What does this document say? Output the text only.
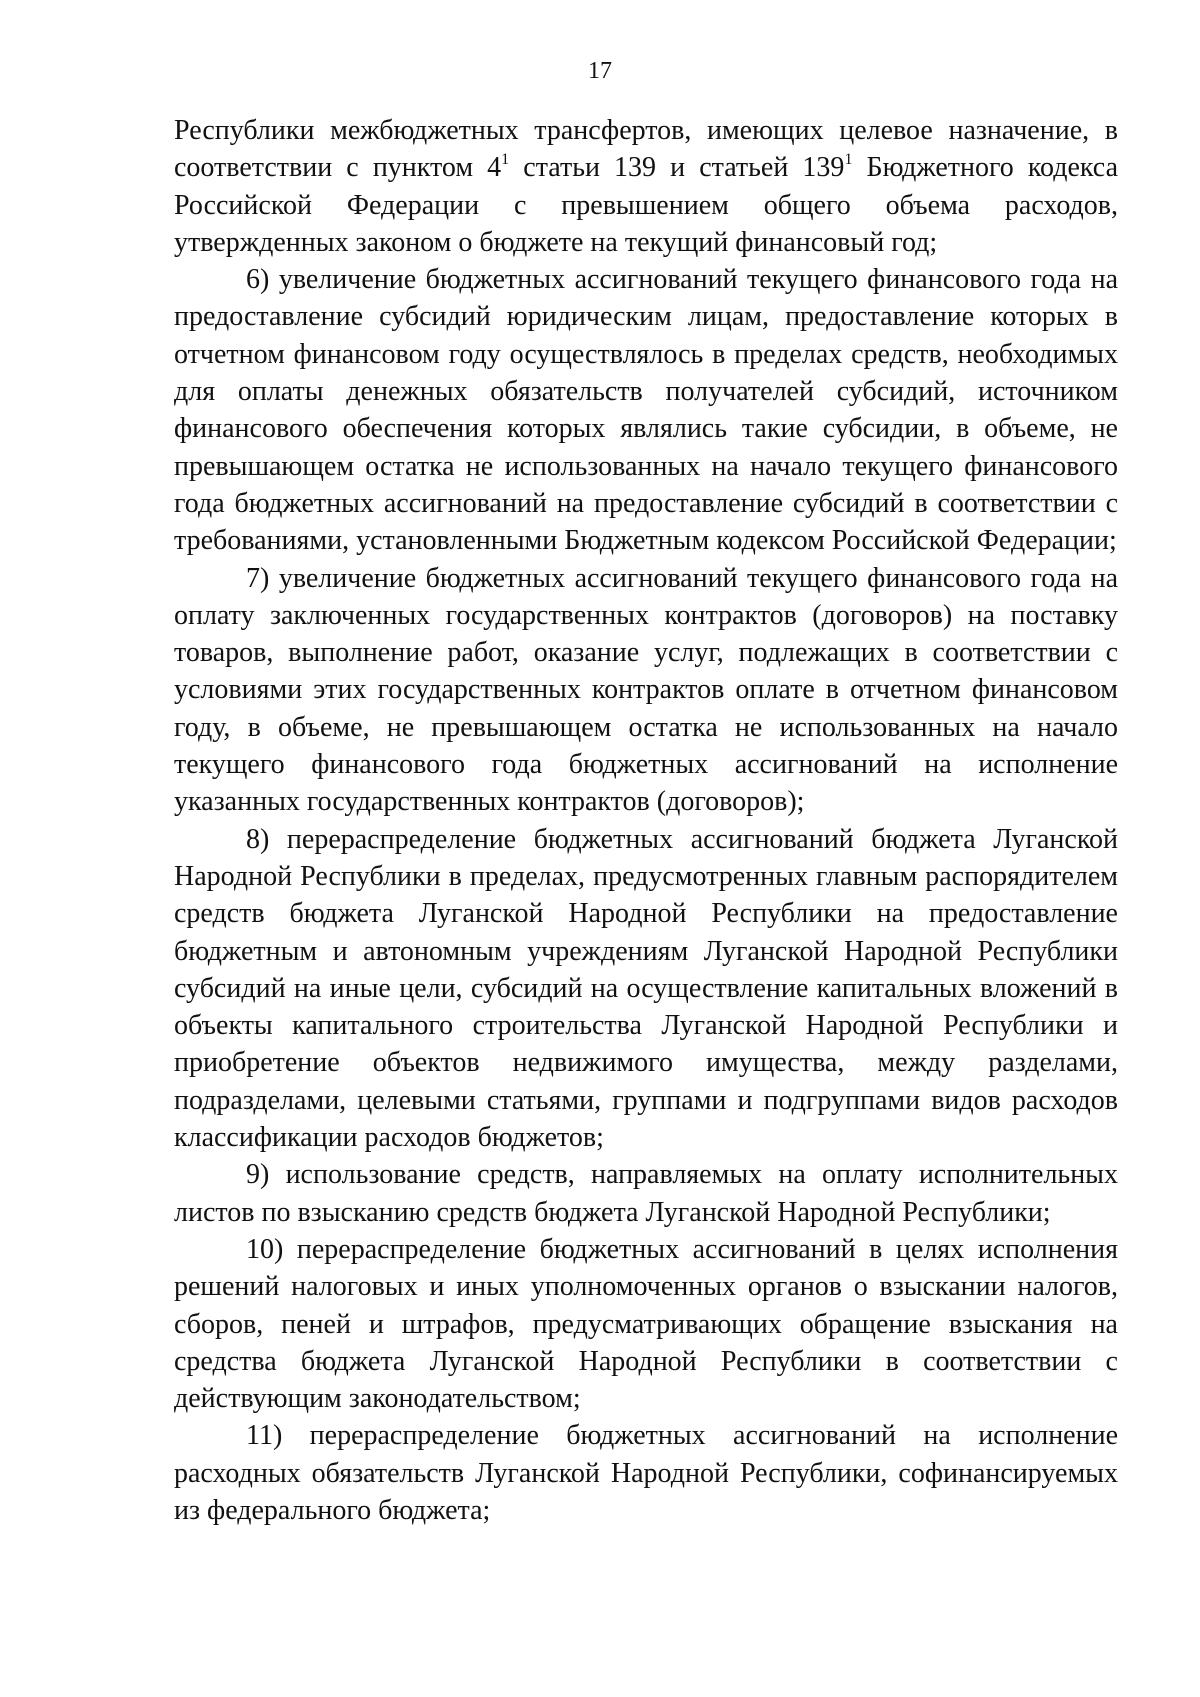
17

Республики межбюджетных трансфертов, имеющих целевое назначение, в соответствии с пунктом $4^1$ статьи 139 и статьей $139^1$ Бюджетного кодекса Российской Федерации с превышением общего объема расходов, утвержденных законом о бюджете на текущий финансовый год;

6) увеличение бюджетных ассигнований текущего финансового года на предоставление субсидий юридическим лицам, предоставление которых в отчетном финансовом году осуществлялось в пределах средств, необходимых для оплаты денежных обязательств получателей субсидий, источником финансового обеспечения которых являлись такие субсидии, в объеме, не превышающем остатка не использованных на начало текущего финансового года бюджетных ассигнований на предоставление субсидий в соответствии с требованиями, установленными Бюджетным кодексом Российской Федерации;

7) увеличение бюджетных ассигнований текущего финансового года на оплату заключенных государственных контрактов (договоров) на поставку товаров, выполнение работ, оказание услуг, подлежащих в соответствии с условиями этих государственных контрактов оплате в отчетном финансовом году, в объеме, не превышающем остатка не использованных на начало текущего финансового года бюджетных ассигнований на исполнение указанных государственных контрактов (договоров);

8) перераспределение бюджетных ассигнований бюджета Луганской Народной Республики в пределах, предусмотренных главным распорядителем средств бюджета Луганской Народной Республики на предоставление бюджетным и автономным учреждениям Луганской Народной Республики субсидий на иные цели, субсидий на осуществление капитальных вложений в объекты капитального строительства Луганской Народной Республики и приобретение объектов недвижимого имущества, между разделами, подразделами, целевыми статьями, группами и подгруппами видов расходов классификации расходов бюджетов;

9) использование средств, направляемых на оплату исполнительных листов по взысканию средств бюджета Луганской Народной Республики;

10) перераспределение бюджетных ассигнований в целях исполнения решений налоговых и иных уполномоченных органов о взыскании налогов, сборов, пеней и штрафов, предусматривающих обращение взыскания на средства бюджета Луганской Народной Республики в соответствии с действующим законодательством;

11) перераспределение бюджетных ассигнований на исполнение расходных обязательств Луганской Народной Республики, софинансируемых из федерального бюджета;
